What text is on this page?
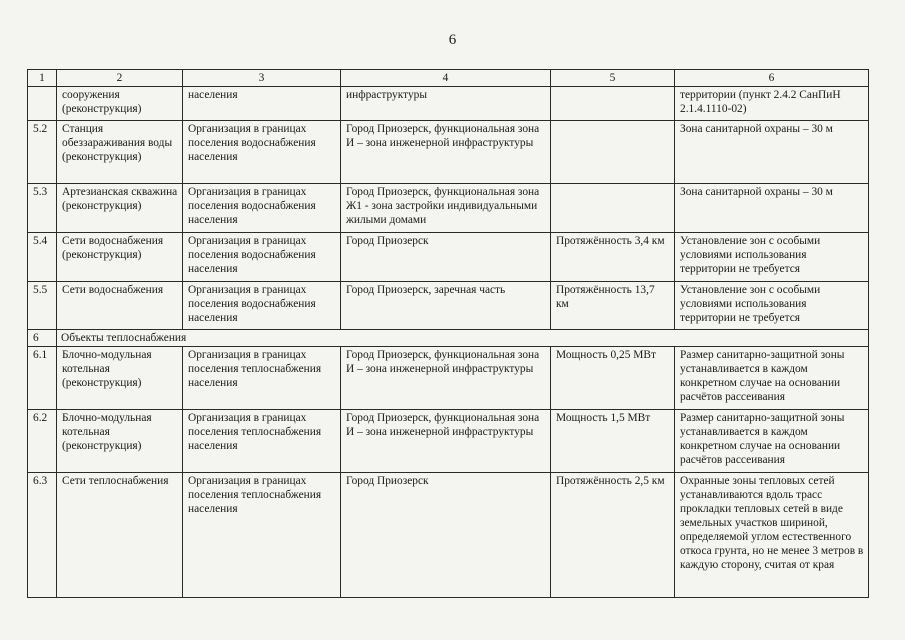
6
1	2	3	4	5	6
	сооружения (реконструкция)	населения	инфраструктуры		территории (пункт 2.4.2 СанПиН 2.1.4.1110-02)
5.2	Станция обеззараживания воды (реконструкция)	Организация в границах поселения водоснабжения населения	Город Приозерск, функциональная зона И – зона инженерной инфраструктуры		Зона санитарной охраны – 30 м
5.3	Артезианская скважина (реконструкция)	Организация в границах поселения водоснабжения населения	Город Приозерск, функциональная зона Ж1 - зона застройки индивидуальными жилыми домами		Зона санитарной охраны – 30 м
5.4	Сети водоснабжения (реконструкция)	Организация в границах поселения водоснабжения населения	Город Приозерск	Протяжённость 3,4 км	Установление зон с особыми условиями использования территории не требуется
5.5	Сети водоснабжения	Организация в границах поселения водоснабжения населения	Город Приозерск, заречная часть	Протяжённость 13,7 км	Установление зон с особыми условиями использования территории не требуется
6	Объекты теплоснабжения				
6.1	Блочно-модульная котельная (реконструкция)	Организация в границах поселения теплоснабжения населения	Город Приозерск, функциональная зона И – зона инженерной инфраструктуры	Мощность 0,25 МВт	Размер санитарно-защитной зоны устанавливается в каждом конкретном случае на основании расчётов рассеивания
6.2	Блочно-модульная котельная (реконструкция)	Организация в границах поселения теплоснабжения населения	Город Приозерск, функциональная зона И – зона инженерной инфраструктуры	Мощность 1,5 МВт	Размер санитарно-защитной зоны устанавливается в каждом конкретном случае на основании расчётов рассеивания
6.3	Сети теплоснабжения	Организация в границах поселения теплоснабжения населения	Город Приозерск	Протяжённость 2,5 км	Охранные зоны тепловых сетей устанавливаются вдоль трасс прокладки тепловых сетей в виде земельных участков шириной, определяемой углом естественного откоса грунта, но не менее 3 метров в каждую сторону, считая от края
